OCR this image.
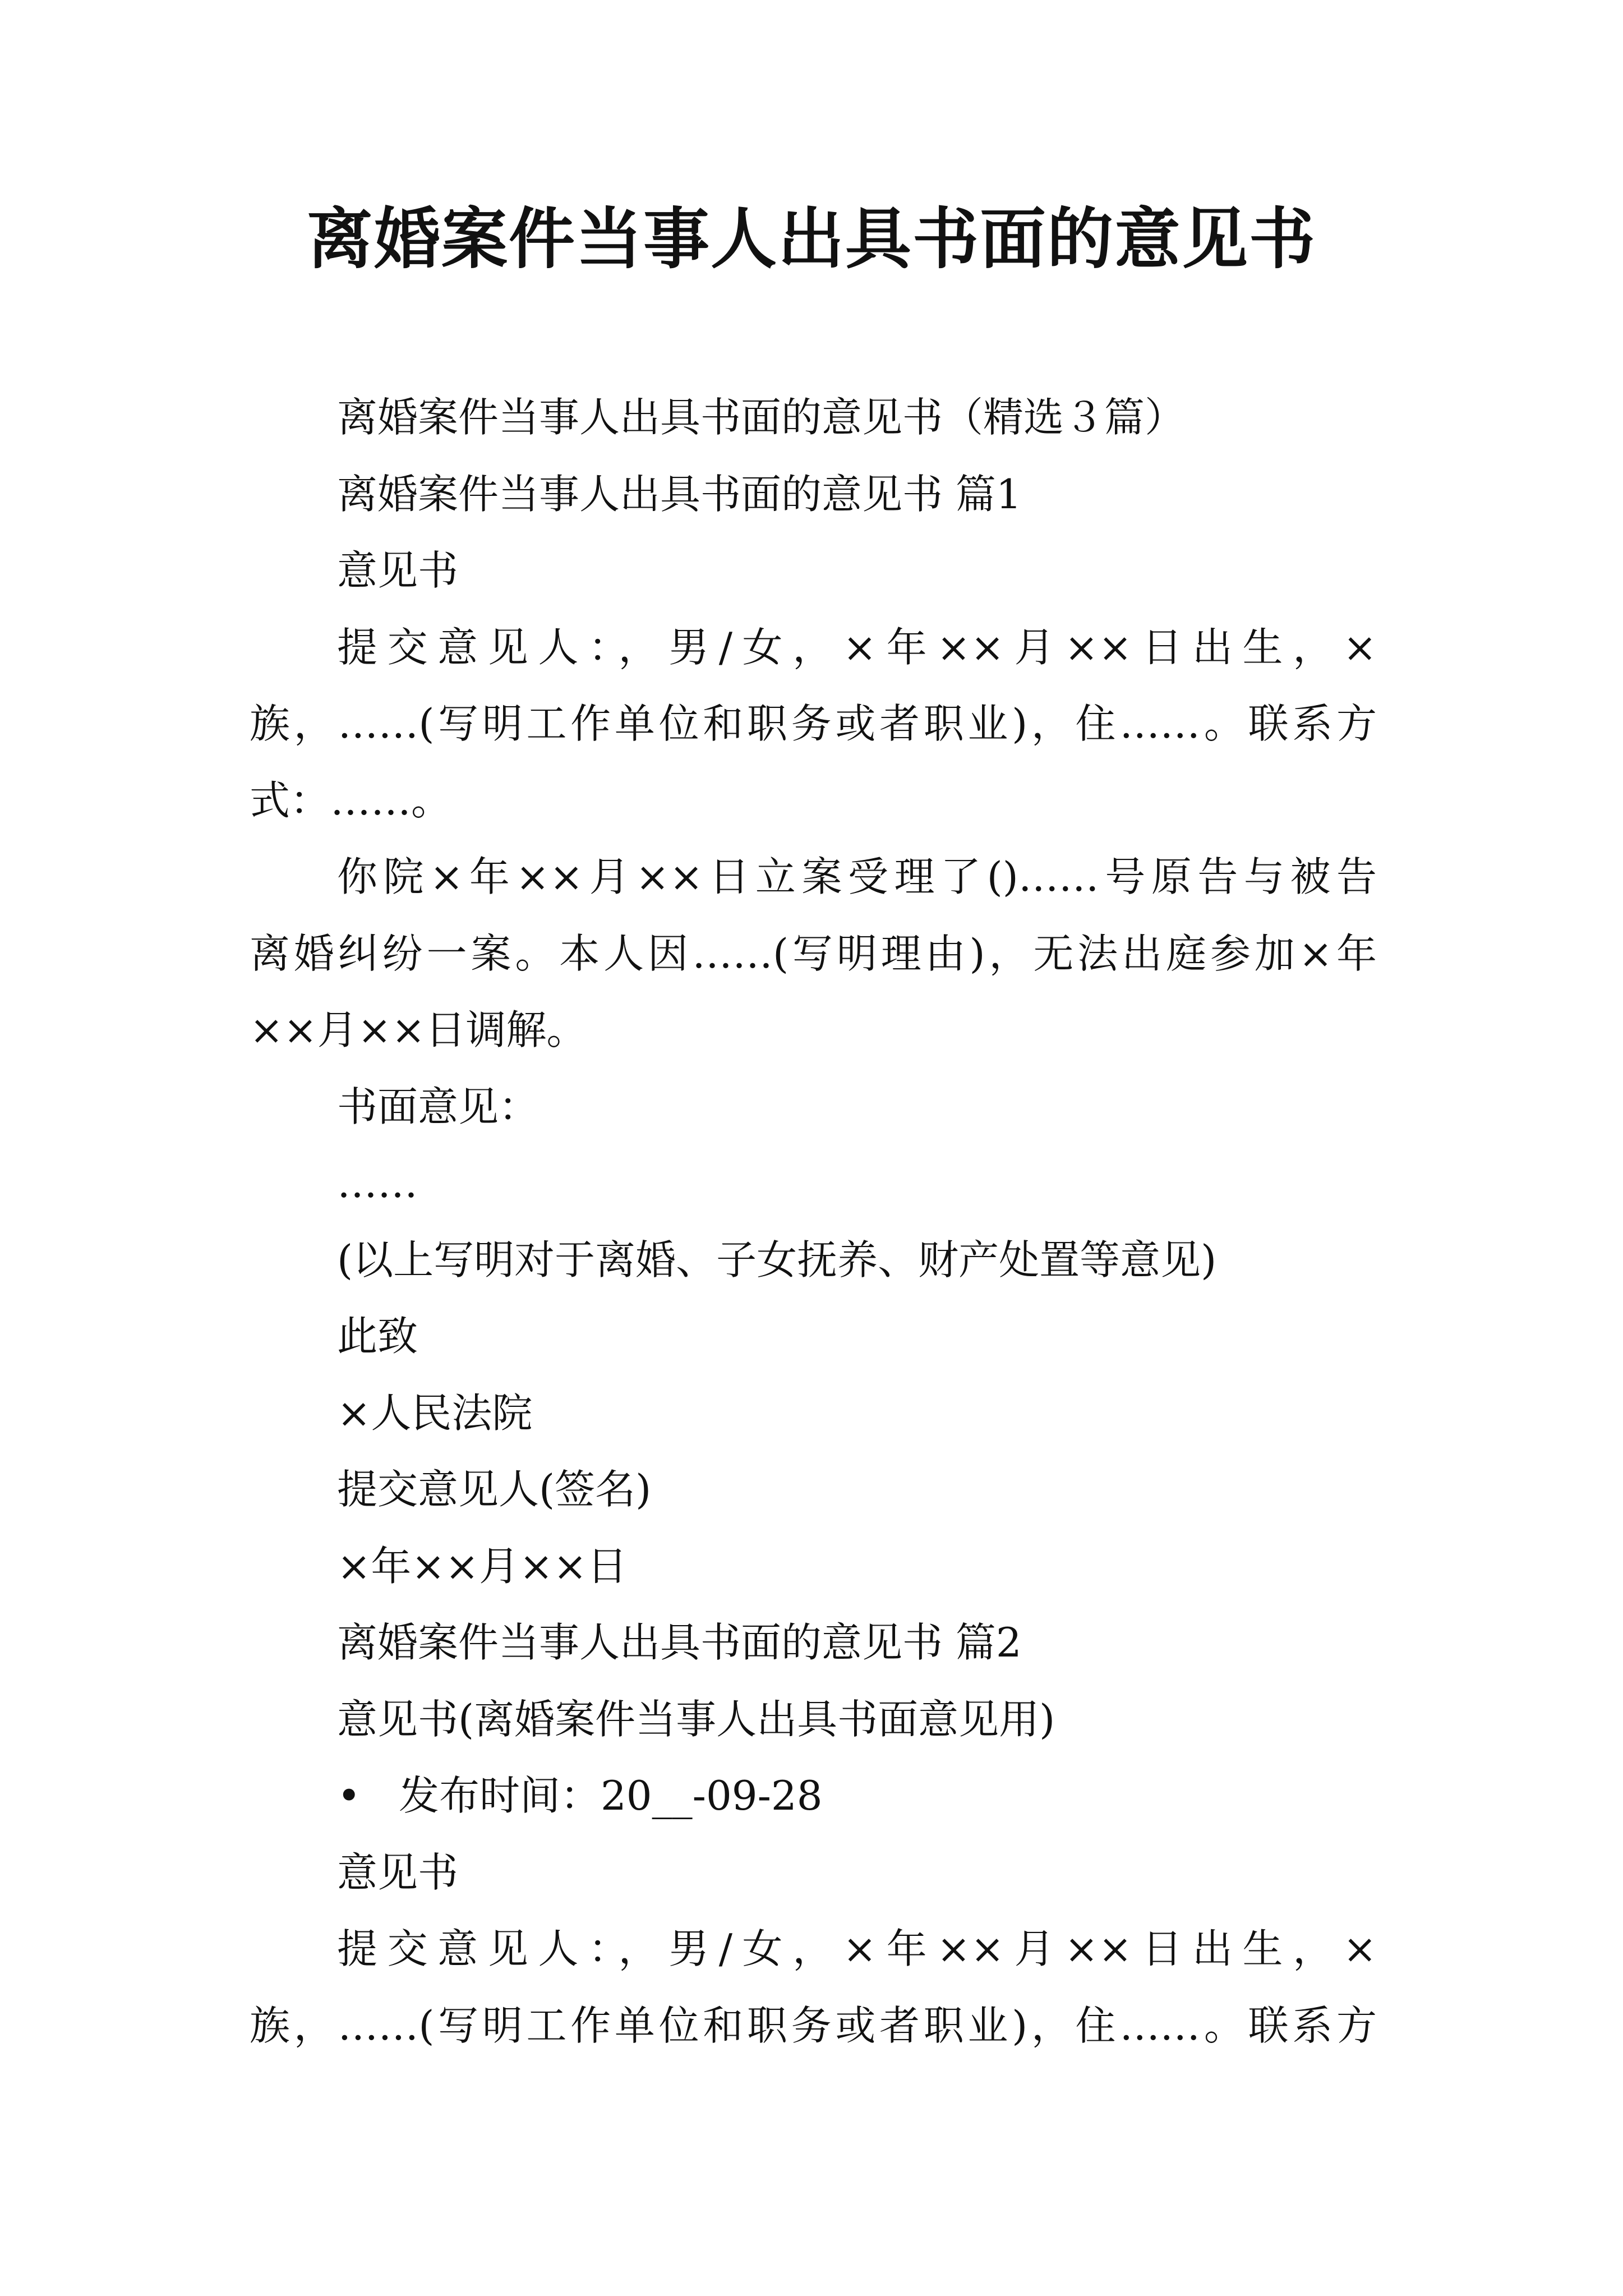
离婚案件当事人出具书面的意见书

离婚案件当事人出具书面的意见书（精选３篇）

离婚案件当事人出具书面的意见书 篇1

意见书

提交意见人：，男/女，×年××月××日出生，×

族，……(写明工作单位和职务或者职业)，住……。联系方

式：……。

你院×年××月××日立案受理了()……号原告与被告

离婚纠纷一案。本人因……(写明理由)，无法出庭参加×年

××月××日调解。

书面意见：

……

(以上写明对于离婚、子女抚养、财产处置等意见)

此致

×人民法院

提交意见人(签名)

×年××月××日

离婚案件当事人出具书面的意见书 篇2

意见书(离婚案件当事人出具书面意见用)

• 发布时间：20__-09-28

意见书

提交意见人：，男/女，×年××月××日出生，×

族，……(写明工作单位和职务或者职业)，住……。联系方
